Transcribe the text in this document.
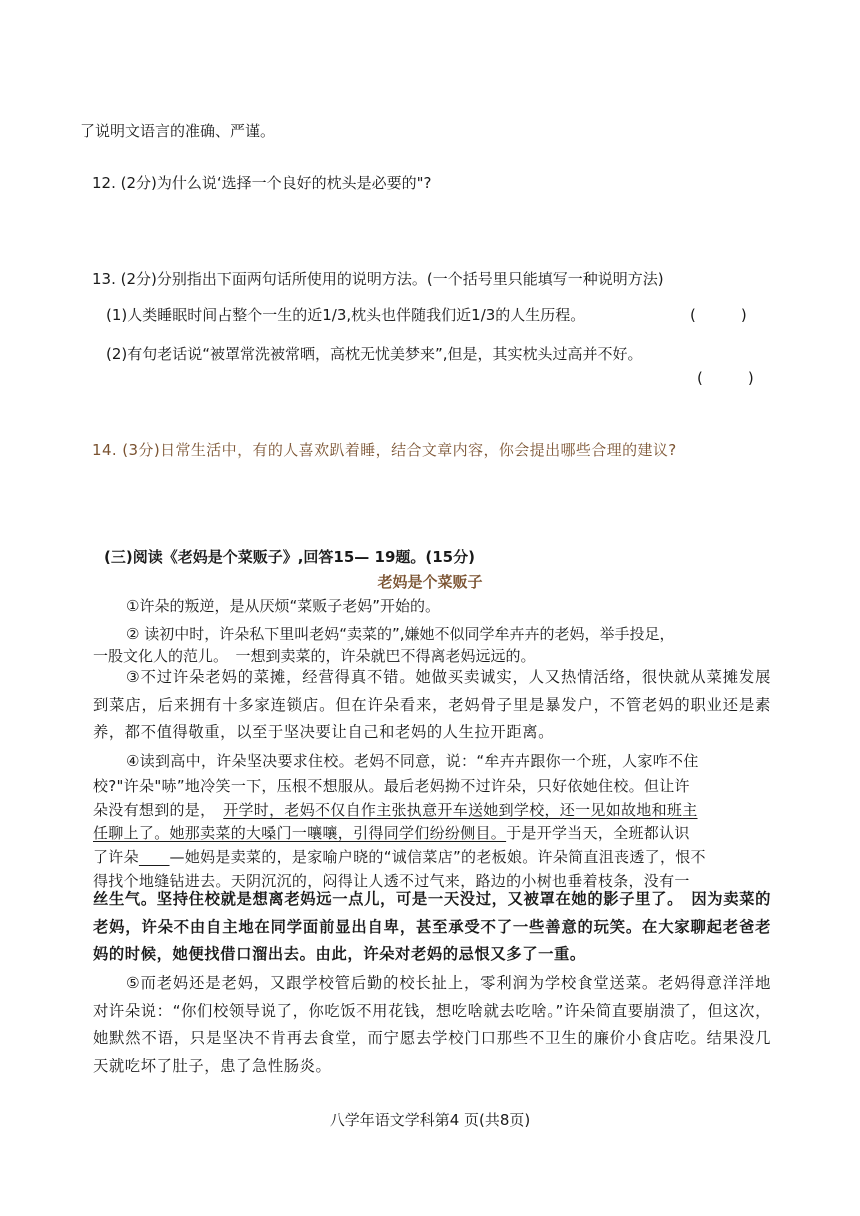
了说明文语言的准确、严谨。
12. (2分)为什么说‘选择一个良好的枕头是必要的"?
13. (2分)分别指出下面两句话所使用的说明方法。(一个括号里只能填写一种说明方法)
(1)人类睡眠时间占整个一生的近1/3,枕头也伴随我们近1/3的人生历程。	(　　　)
(2)有句老话说“被罩常洗被常晒，高枕无忧美梦来”,但是，其实枕头过高并不好。
(　　　)
14. (3分)日常生活中，有的人喜欢趴着睡，结合文章内容，你会提出哪些合理的建议?
(三)阅读《老妈是个菜贩子》,回答15— 19题。(15分)
老妈是个菜贩子
①许朵的叛逆，是从厌烦“菜贩子老妈”开始的。
② 读初中时，许朵私下里叫老妈“卖菜的”,嫌她不似同学牟卉卉的老妈，举手投足，
一股文化人的范儿。　一想到卖菜的，许朵就巴不得离老妈远远的。
③不过许朵老妈的菜摊，经营得真不错。她做买卖诚实，人又热情活络，很快就从菜摊发展到菜店，后来拥有十多家连锁店。但在许朵看来，老妈骨子里是暴发户，不管老妈的职业还是素养，都不值得敬重，以至于坚决要让自己和老妈的人生拉开距离。
④读到高中，许朵坚决要求住校。老妈不同意，说：“牟卉卉跟你一个班，人家咋不住
校?"许朵"哧”地冷笑一下，压根不想服从。最后老妈拗不过许朵，只好依她住校。但让许
朵没有想到的是，　开学时，老妈不仅自作主张执意开车送她到学校，还一见如故地和班主
任聊上了。她那卖菜的大嗓门一嚷嚷，引得同学们纷纷侧目。于是开学当天，全班都认识
了许朵　　 —她妈是卖菜的，是家喻户晓的“诚信菜店”的老板娘。许朵简直沮丧透了，恨不
得找个地缝钻进去。天阴沉沉的，闷得让人透不过气来，路边的小树也垂着枝条，没有一
丝生气。坚持住校就是想离老妈远一点儿，可是一天没过，又被罩在她的影子里了。　因为卖菜的老妈，许朵不由自主地在同学面前显出自卑，甚至承受不了一些善意的玩笑。在大家聊起老爸老妈的时候，她便找借口溜出去。由此，许朵对老妈的忌恨又多了一重。
⑤而老妈还是老妈，又跟学校管后勤的校长扯上，零利润为学校食堂送菜。老妈得意洋洋地对许朵说：“你们校领导说了，你吃饭不用花钱，想吃啥就去吃啥。”许朵简直要崩溃了，但这次，她默然不语，只是坚决不肯再去食堂，而宁愿去学校门口那些不卫生的廉价小食店吃。结果没几天就吃坏了肚子，患了急性肠炎。
八学年语文学科第4 页(共8页)
